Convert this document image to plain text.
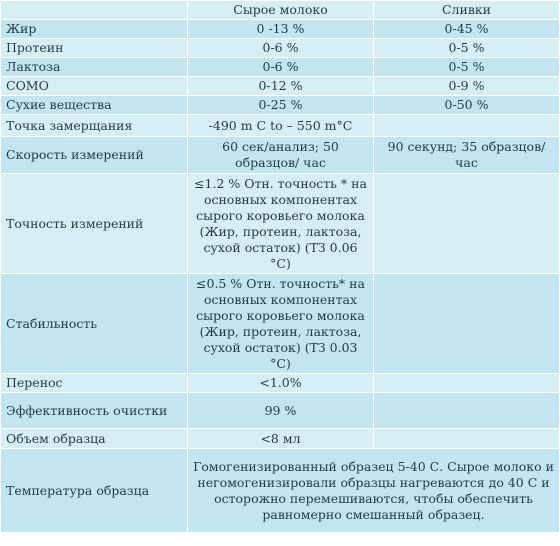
	Сырое молоко	Сливки
Жир	0 -13 %	0-45 %
Протеин	0-6 %	0-5 %
Лактоза	0-6 %	0-5 %
COMO	0-12 %	0-9 %
Сухие вещества	0-25 %	0-50 %
Точка замерщания	-490 m C to – 550 m°C	
Скорость измерений	60 сек/анализ; 50 образцов/ час	90 секунд; 35 образцов/ час
Точность измерений	≤1.2 % Отн. точность * на основных компонентах сырого коровьего молока (Жир, протеин, лактоза, сухой остаток) (ТЗ 0.06 °С)	
Стабильность	≤0.5 % Отн. точность* на основных компонентах сырого коровьего молока (Жир, протеин, лактоза, сухой остаток) (ТЗ 0.03 °С)	
Перенос	<1.0%	
Эффективность очистки	99 %	
Объем образца	<8 мл	
Температура образца	Гомогенизированный образец 5-40 С. Сырое молоко и негомогенизировали образцы нагреваются до 40 С и осторожно перемешиваются, чтобы обеспечить равномерно смешанный образец.	
